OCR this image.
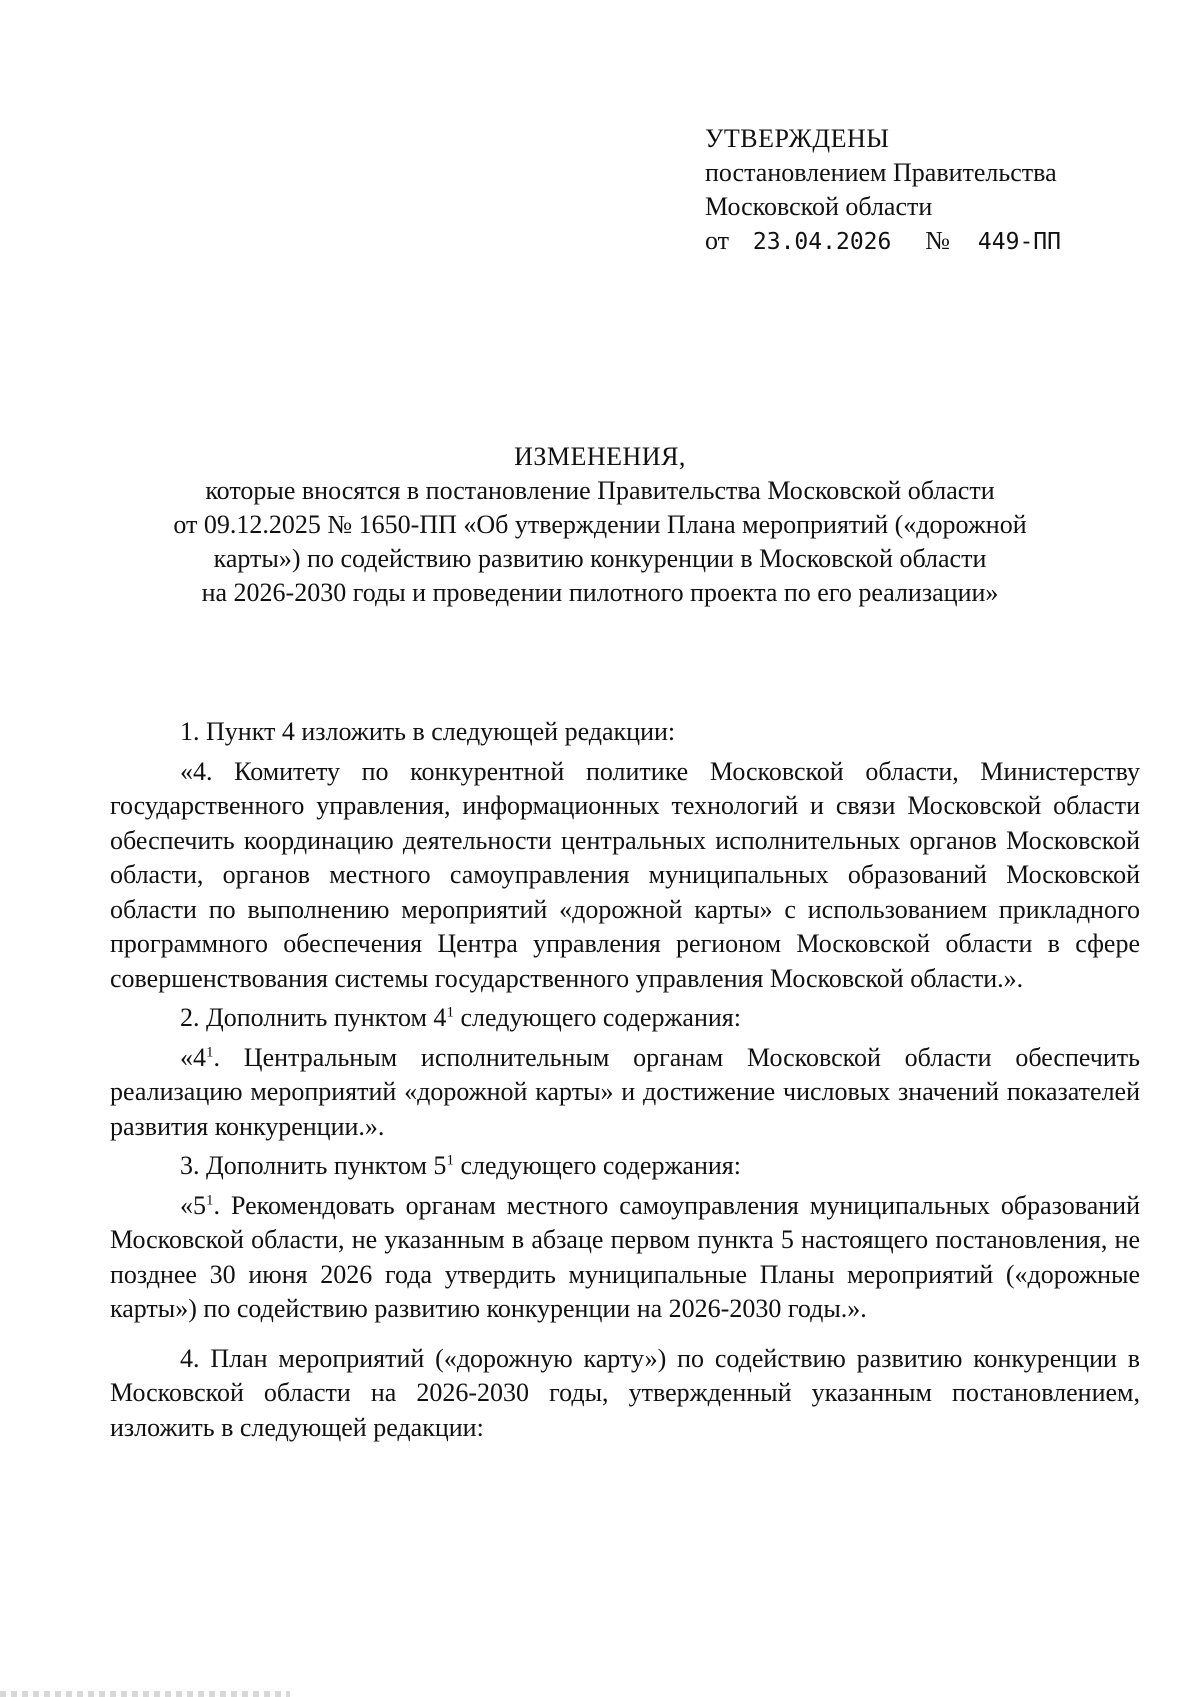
УТВЕРЖДЕНЫ
постановлением Правительства
Московской области
от 23.04.2026 № 449-ПП
ИЗМЕНЕНИЯ,
которые вносятся в постановление Правительства Московской области
от 09.12.2025 № 1650-ПП «Об утверждении Плана мероприятий («дорожной
карты») по содействию развитию конкуренции в Московской области
на 2026-2030 годы и проведении пилотного проекта по его реализации»

1. Пункт 4 изложить в следующей редакции:

«4. Комитету по конкурентной политике Московской области, Министерству государственного управления, информационных технологий и связи Московской области обеспечить координацию деятельности центральных исполнительных органов Московской области, органов местного самоуправления муниципальных образований Московской области по выполнению мероприятий «дорожной карты» с использованием прикладного программного обеспечения Центра управления регионом Московской области в сфере совершенствования системы государственного управления Московской области.».

2. Дополнить пунктом $4^1$ следующего содержания:

«$4^1$. Центральным исполнительным органам Московской области обеспечить реализацию мероприятий «дорожной карты» и достижение числовых значений показателей развития конкуренции.».

3. Дополнить пунктом $5^1$ следующего содержания:

«$5^1$. Рекомендовать органам местного самоуправления муниципальных образований Московской области, не указанным в абзаце первом пункта 5 настоящего постановления, не позднее 30 июня 2026 года утвердить муниципальные Планы мероприятий («дорожные карты») по содействию развитию конкуренции на 2026-2030 годы.».

4. План мероприятий («дорожную карту») по содействию развитию конкуренции в Московской области на 2026-2030 годы, утвержденный указанным постановлением, изложить в следующей редакции:
